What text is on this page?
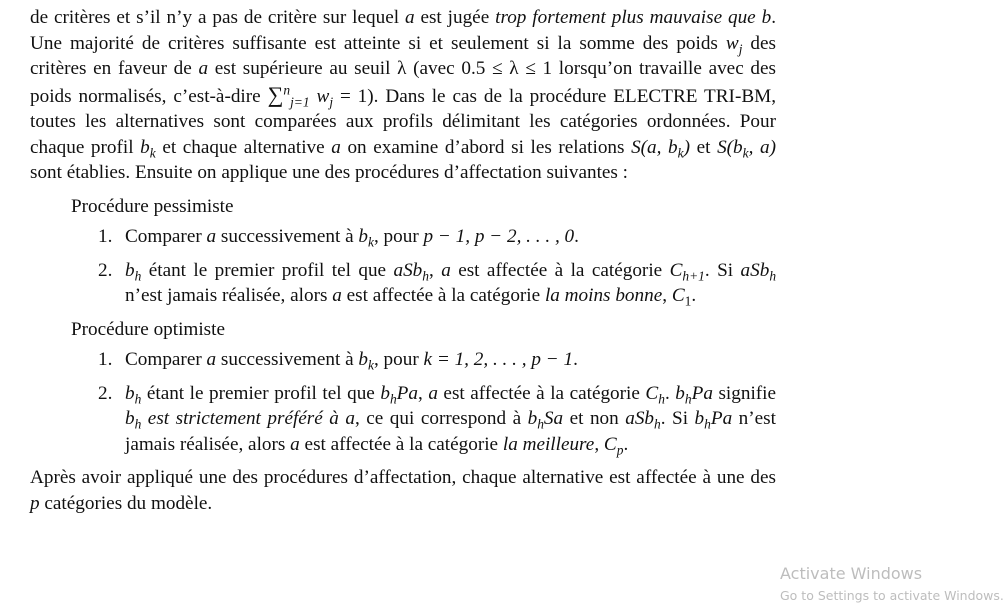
de critères et s’il n’y a pas de critère sur lequel a est jugée trop fortement plus mauvaise que b. Une majorité de critères suffisante est atteinte si et seulement si la somme des poids $w_j$ des critères en faveur de a est supérieure au seuil λ (avec 0.5 ≤ λ ≤ 1 lorsqu’on travaille avec des poids normalisés, c’est-à-dire ∑$^n_{j=1}$ $w_j = 1$). Dans le cas de la procédure ELECTRE TRI-BM, toutes les alternatives sont comparées aux profils délimitant les catégories ordonnées. Pour chaque profil $b_k$ et chaque alternative a on examine d’abord si les relations S(a, $b_k$) et $S(b_k$, a) sont établies. Ensuite on applique une des procédures d’affectation suivantes :

Procédure pessimiste

1. Comparer a successivement à $b_k$, pour p − 1, p − 2, . . . , 0.
2. $b_h$ étant le premier profil tel que aSb$_h$, a est affectée à la catégorie $C_{h+1}$. Si aSb$_h$ n’est jamais réalisée, alors a est affectée à la catégorie la moins bonne, $C_1$.

Procédure optimiste

1. Comparer a successivement à $b_k$, pour k = 1, 2, . . . , p − 1.
2. $b_h$ étant le premier profil tel que $b_hPa$, a est affectée à la catégorie $C_h$. $b_hPa$ signifie $b_h$ est strictement préféré à a, ce qui correspond à $b_hSa$ et non aSb$_h$. Si $b_hPa$ n’est jamais réalisée, alors a est affectée à la catégorie la meilleure, $C_p$.

Après avoir appliqué une des procédures d’affectation, chaque alternative est affectée à une des p catégories du modèle.

Activate Windows
Go to Settings to activate Windows.
